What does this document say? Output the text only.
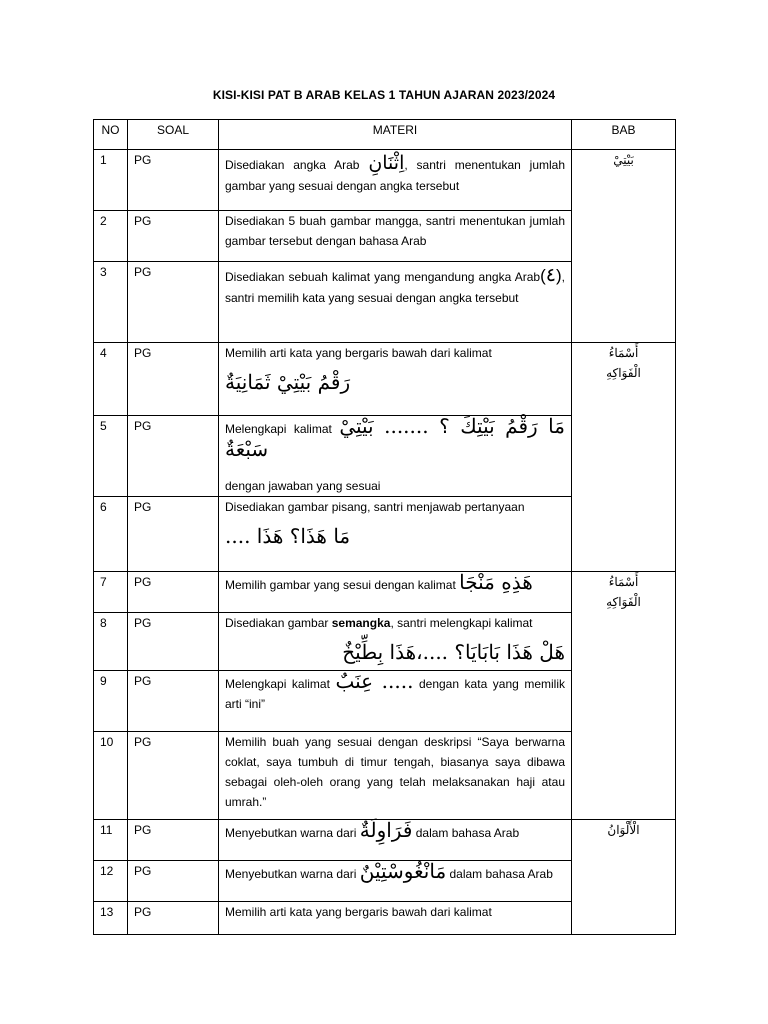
KISI-KISI PAT B ARAB KELAS 1 TAHUN AJARAN 2023/2024
NO	SOAL	MATERI	BAB
1	PG	Disediakan angka Arab اِثْنَانِ, santri menentukan jumlah gambar yang sesuai dengan angka tersebut	بَيْتِيْ
2	PG	Disediakan 5 buah gambar mangga, santri menentukan jumlah gambar tersebut dengan bahasa Arab	
3	PG	Disediakan sebuah kalimat yang mengandung angka Arab(٤), santri memilih kata yang sesuai dengan angka tersebut	
4	PG	Memilih arti kata yang bergaris bawah dari kalimat
رَقْمُ بَيْتِيْ ثَمَانِيَةٌ	أَسْمَاءُ
الْفَوَاكِهِ
5	PG	Melengkapi kalimat مَا رَقْمُ بَيْتِكَ ؟ ....... بَيْتِيْ سَبْعَةٌ
dengan jawaban yang sesuai	
6	PG	Disediakan gambar pisang, santri menjawab pertanyaan
مَا هَذَا؟ هَذَا ....	

7	PG	Memilih gambar yang sesui dengan kalimat هَذِهِ مَنْجَا	أَسْمَاءُ
الْفَوَاكِهِ
8	PG	Disediakan gambar semangka, santri melengkapi kalimat
هَلْ هَذَا بَابَايَا؟ ....،هَذَا بِطِّيْخٌ	

9	PG	Melengkapi kalimat ..... عِنَبٌ dengan kata yang memilik arti “ini”	
10	PG	Memilih buah yang sesuai dengan deskripsi “Saya berwarna coklat, saya tumbuh di timur tengah, biasanya saya dibawa sebagai oleh-oleh orang yang telah melaksanakan haji atau umrah.”	
11	PG	Menyebutkan warna dari فَرَاوِلَةٌ dalam bahasa Arab	الْأَلْوَانُ
12	PG	Menyebutkan warna dari مَانْغُوسْتِيْنٌ dalam bahasa Arab	
13	PG	Memilih arti kata yang bergaris bawah dari kalimat	
